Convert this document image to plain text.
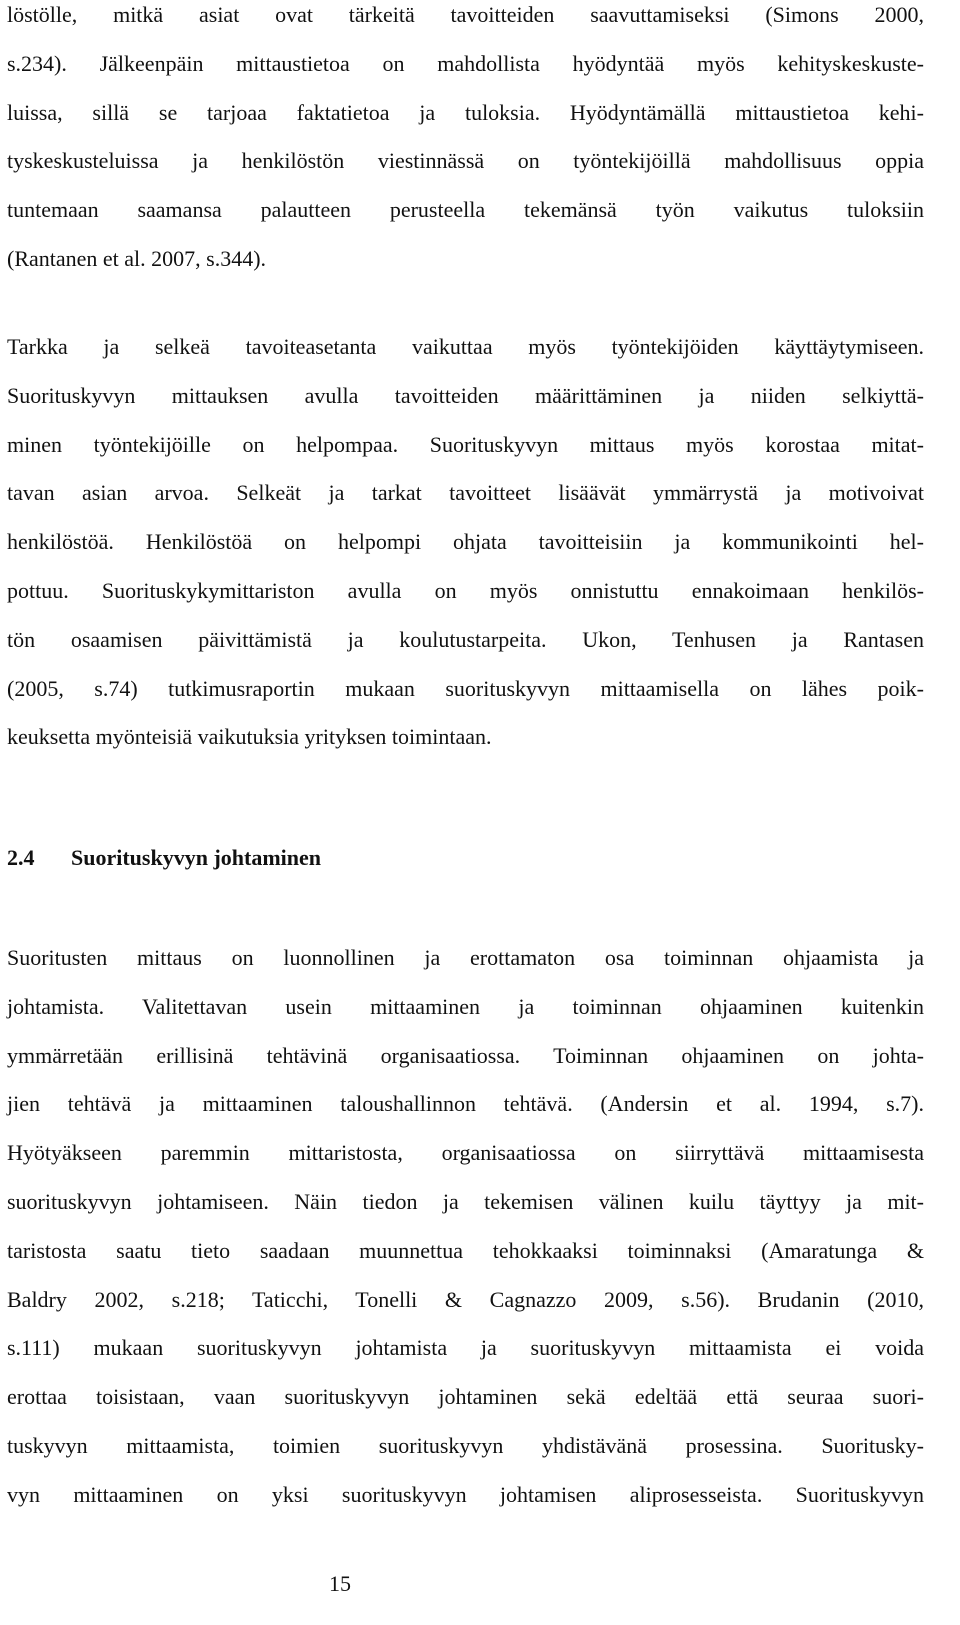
löstölle, mitkä asiat ovat tärkeitä tavoitteiden saavuttamiseksi (Simons 2000,
s.234). Jälkeenpäin mittaustietoa on mahdollista hyödyntää myös kehityskeskuste-
luissa, sillä se tarjoaa faktatietoa ja tuloksia. Hyödyntämällä mittaustietoa kehi-
tyskeskusteluissa ja henkilöstön viestinnässä on työntekijöillä mahdollisuus oppia
tuntemaan saamansa palautteen perusteella tekemänsä työn vaikutus tuloksiin
(Rantanen et al. 2007, s.344).
Tarkka ja selkeä tavoiteasetanta vaikuttaa myös työntekijöiden käyttäytymiseen.
Suorituskyvyn mittauksen avulla tavoitteiden määrittäminen ja niiden selkiyttä-
minen työntekijöille on helpompaa. Suorituskyvyn mittaus myös korostaa mitat-
tavan asian arvoa. Selkeät ja tarkat tavoitteet lisäävät ymmärrystä ja motivoivat
henkilöstöä. Henkilöstöä on helpompi ohjata tavoitteisiin ja kommunikointi hel-
pottuu. Suorituskykymittariston avulla on myös onnistuttu ennakoimaan henkilös-
tön osaamisen päivittämistä ja koulutustarpeita. Ukon, Tenhusen ja Rantasen
(2005, s.74) tutkimusraportin mukaan suorituskyvyn mittaamisella on lähes poik-
keuksetta myönteisiä vaikutuksia yrityksen toimintaan.
2.4 Suorituskyvyn johtaminen
Suoritusten mittaus on luonnollinen ja erottamaton osa toiminnan ohjaamista ja
johtamista. Valitettavan usein mittaaminen ja toiminnan ohjaaminen kuitenkin
ymmärretään erillisinä tehtävinä organisaatiossa. Toiminnan ohjaaminen on johta-
jien tehtävä ja mittaaminen taloushallinnon tehtävä. (Andersin et al. 1994, s.7).
Hyötyäkseen paremmin mittaristosta, organisaatiossa on siirryttävä mittaamisesta
suorituskyvyn johtamiseen. Näin tiedon ja tekemisen välinen kuilu täyttyy ja mit-
taristosta saatu tieto saadaan muunnettua tehokkaaksi toiminnaksi (Amaratunga &
Baldry 2002, s.218; Taticchi, Tonelli & Cagnazzo 2009, s.56). Brudanin (2010,
s.111) mukaan suorituskyvyn johtamista ja suorituskyvyn mittaamista ei voida
erottaa toisistaan, vaan suorituskyvyn johtaminen sekä edeltää että seuraa suori-
tuskyvyn mittaamista, toimien suorituskyvyn yhdistävänä prosessina. Suoritusky-
vyn mittaaminen on yksi suorituskyvyn johtamisen aliprosesseista. Suorituskyvyn

15
